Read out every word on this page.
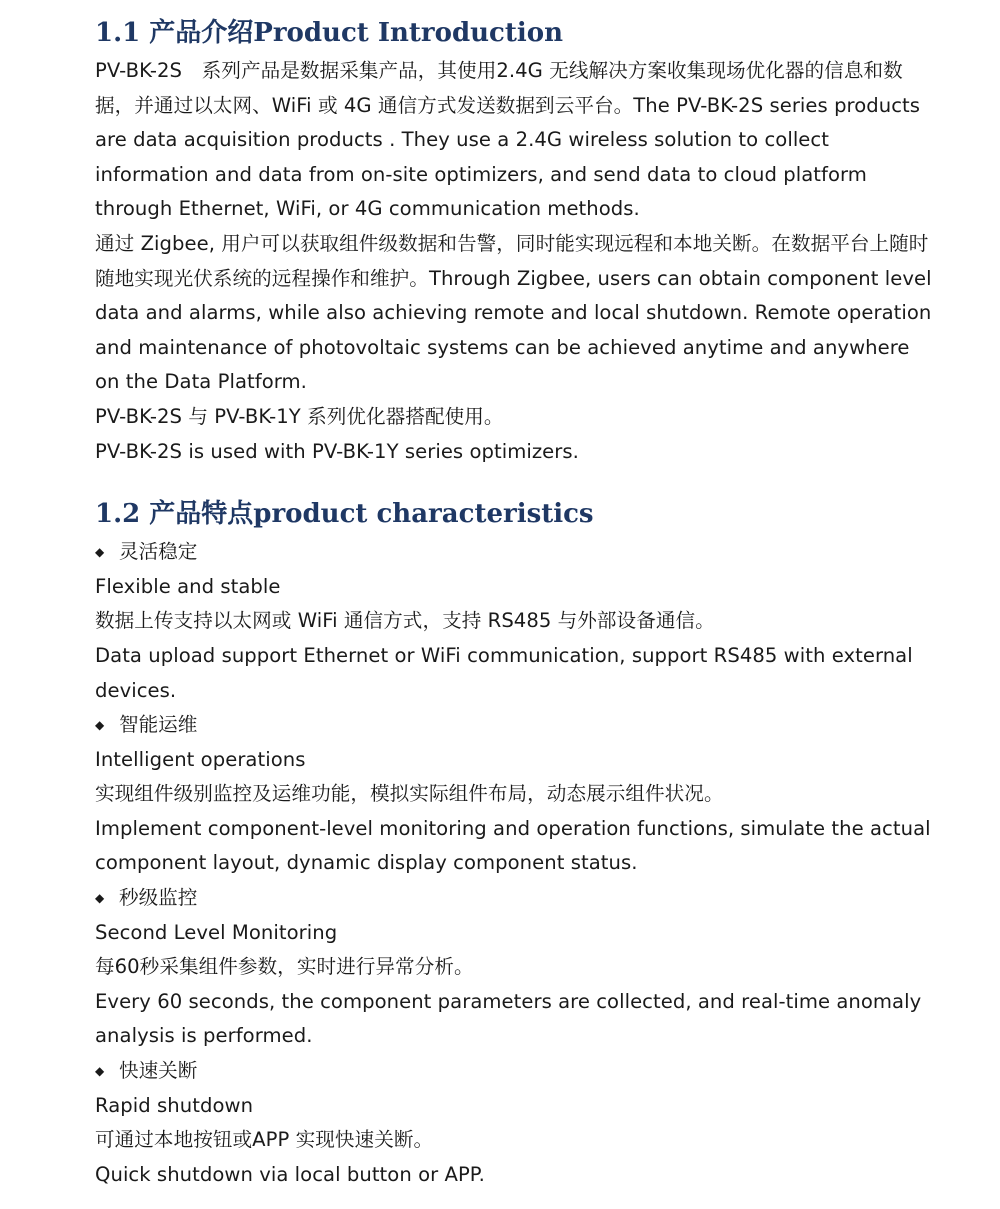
1.1 产品介绍Product Introduction

PV-BK-2S　系列产品是数据采集产品，其使用2.4G 无线解决方案收集现场优化器的信息和数据，并通过以太网、WiFi 或 4G 通信方式发送数据到云平台。The PV-BK-2S series products are data acquisition products . They use a 2.4G wireless solution to collect information and data from on-site optimizers, and send data to cloud platform through Ethernet, WiFi, or 4G communication methods.

通过 Zigbee, 用户可以获取组件级数据和告警，同时能实现远程和本地关断。在数据平台上随时随地实现光伏系统的远程操作和维护。Through Zigbee, users can obtain component level data and alarms, while also achieving remote and local shutdown. Remote operation and maintenance of photovoltaic systems can be achieved anytime and anywhere on the Data Platform.

PV-BK-2S 与 PV-BK-1Y 系列优化器搭配使用。

PV-BK-2S is used with PV-BK-1Y series optimizers.

1.2 产品特点product characteristics
◆ 灵活稳定

Flexible and stable

数据上传支持以太网或 WiFi 通信方式，支持 RS485 与外部设备通信。

Data upload support Ethernet or WiFi communication, support RS485 with external devices.

◆ 智能运维

Intelligent operations

实现组件级别监控及运维功能，模拟实际组件布局，动态展示组件状况。

Implement component-level monitoring and operation functions, simulate the actual component layout, dynamic display component status.

◆ 秒级监控

Second Level Monitoring

每60秒采集组件参数，实时进行异常分析。

Every 60 seconds, the component parameters are collected, and real-time anomaly analysis is performed.

◆ 快速关断

Rapid shutdown

可通过本地按钮或APP 实现快速关断。

Quick shutdown via local button or APP.
